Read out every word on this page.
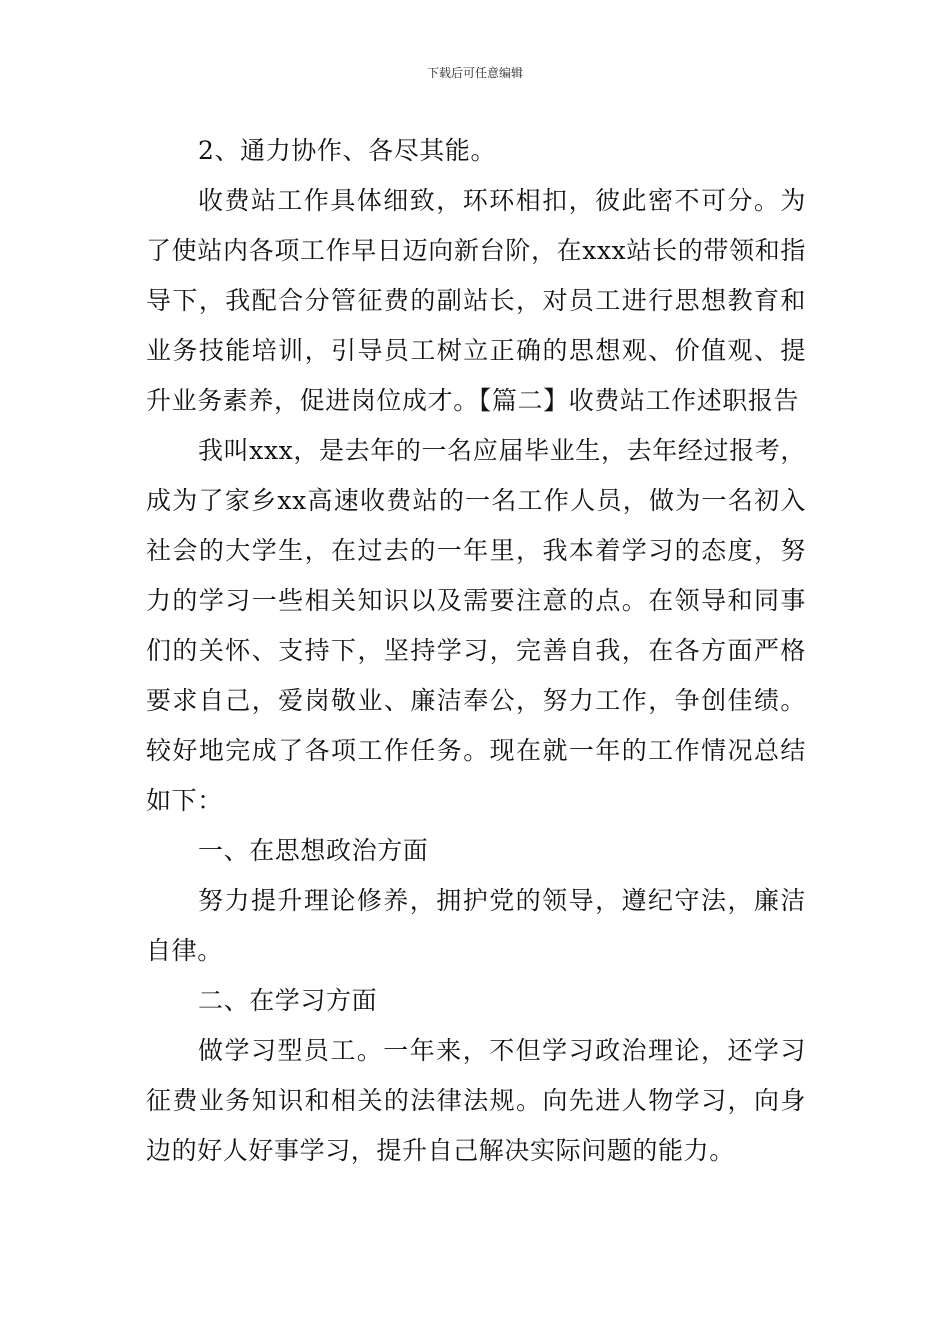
下载后可任意编辑

2、通力协作、各尽其能。

收费站工作具体细致，环环相扣，彼此密不可分。为了使站内各项工作早日迈向新台阶，在xxx站长的带领和指导下，我配合分管征费的副站长，对员工进行思想教育和业务技能培训，引导员工树立正确的思想观、价值观、提升业务素养，促进岗位成才。【篇二】收费站工作述职报告

我叫xxx，是去年的一名应届毕业生，去年经过报考，成为了家乡xx高速收费站的一名工作人员，做为一名初入社会的大学生，在过去的一年里，我本着学习的态度，努力的学习一些相关知识以及需要注意的点。在领导和同事们的关怀、支持下，坚持学习，完善自我，在各方面严格要求自己，爱岗敬业、廉洁奉公，努力工作，争创佳绩。较好地完成了各项工作任务。现在就一年的工作情况总结如下：

一、在思想政治方面

努力提升理论修养，拥护党的领导，遵纪守法，廉洁自律。

二、在学习方面

做学习型员工。一年来，不但学习政治理论，还学习征费业务知识和相关的法律法规。向先进人物学习，向身边的好人好事学习，提升自己解决实际问题的能力。
